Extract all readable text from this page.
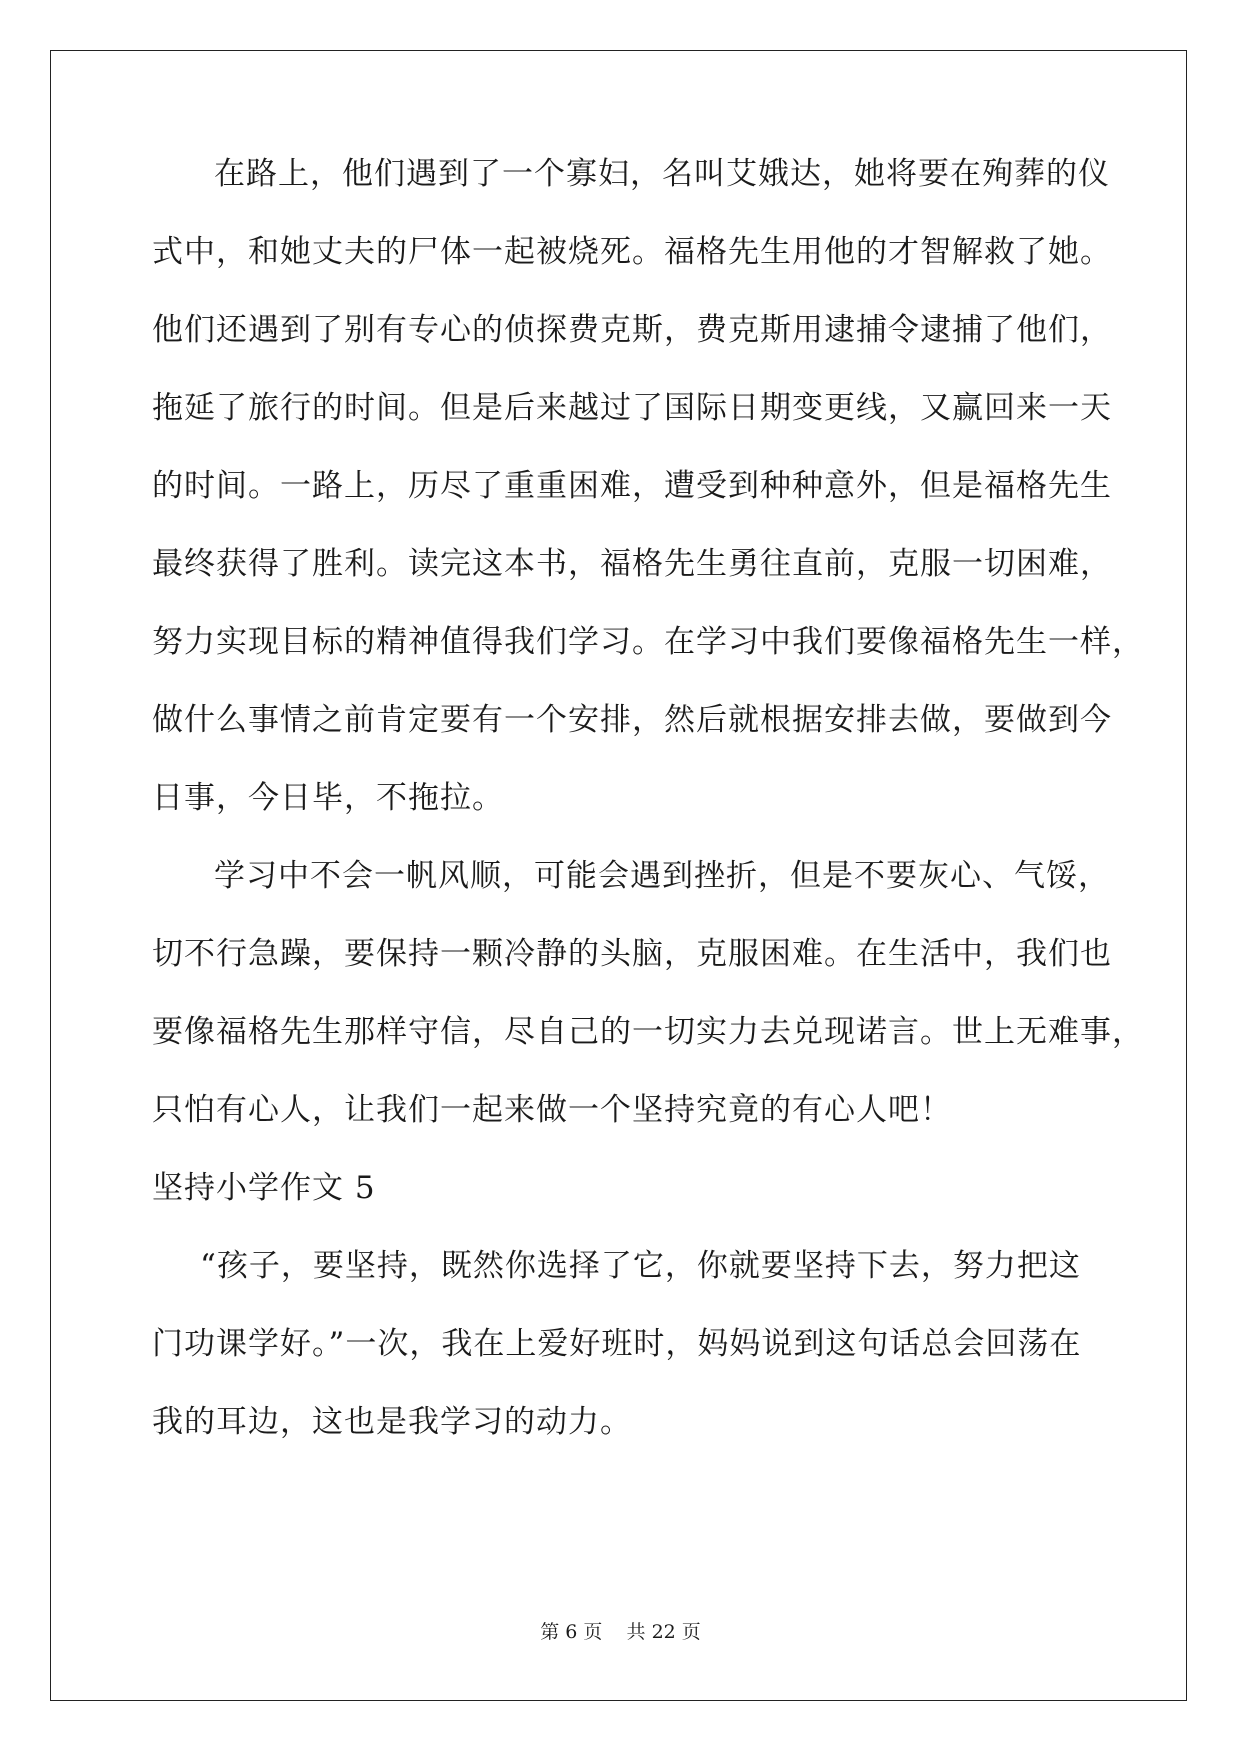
在路上，他们遇到了一个寡妇，名叫艾娥达，她将要在殉葬的仪
式中，和她丈夫的尸体一起被烧死。福格先生用他的才智解救了她。
他们还遇到了别有专心的侦探费克斯，费克斯用逮捕令逮捕了他们，
拖延了旅行的时间。但是后来越过了国际日期变更线，又赢回来一天
的时间。一路上，历尽了重重困难，遭受到种种意外，但是福格先生
最终获得了胜利。读完这本书，福格先生勇往直前，克服一切困难，
努力实现目标的精神值得我们学习。在学习中我们要像福格先生一样，
做什么事情之前肯定要有一个安排，然后就根据安排去做，要做到今
日事，今日毕，不拖拉。
学习中不会一帆风顺，可能会遇到挫折，但是不要灰心、气馁，
切不行急躁，要保持一颗冷静的头脑，克服困难。在生活中，我们也
要像福格先生那样守信，尽自己的一切实力去兑现诺言。世上无难事，
只怕有心人，让我们一起来做一个坚持究竟的有心人吧！
坚持小学作文 5
“孩子，要坚持，既然你选择了它，你就要坚持下去，努力把这
门功课学好。”一次，我在上爱好班时，妈妈说到这句话总会回荡在
我的耳边，这也是我学习的动力。
第 6 页    共 22 页
